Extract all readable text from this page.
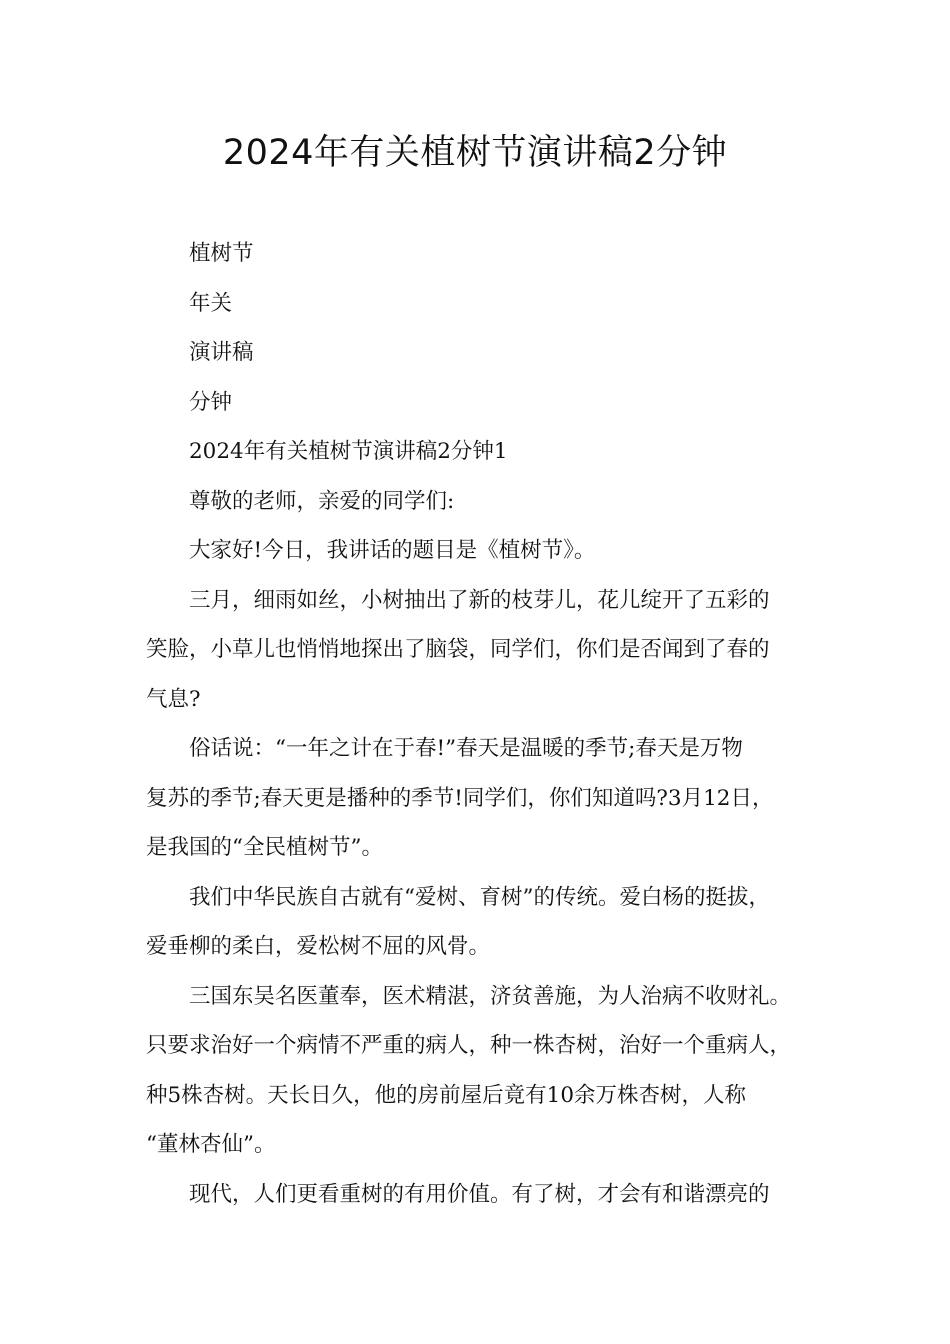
2024年有关植树节演讲稿2分钟

植树节

年关

演讲稿

分钟

2024年有关植树节演讲稿2分钟1

尊敬的老师，亲爱的同学们:

大家好!今日，我讲话的题目是《植树节》。

三月，细雨如丝，小树抽出了新的枝芽儿，花儿绽开了五彩的

笑脸，小草儿也悄悄地探出了脑袋，同学们，你们是否闻到了春的

气息?

俗话说：“一年之计在于春!”春天是温暖的季节;春天是万物

复苏的季节;春天更是播种的季节!同学们，你们知道吗?3月12日，

是我国的“全民植树节”。

我们中华民族自古就有“爱树、育树”的传统。爱白杨的挺拔，

爱垂柳的柔白，爱松树不屈的风骨。

三国东吴名医董奉，医术精湛，济贫善施，为人治病不收财礼。

只要求治好一个病情不严重的病人，种一株杏树，治好一个重病人，

种5株杏树。天长日久，他的房前屋后竟有10余万株杏树，人称

“董林杏仙”。

现代，人们更看重树的有用价值。有了树，才会有和谐漂亮的
